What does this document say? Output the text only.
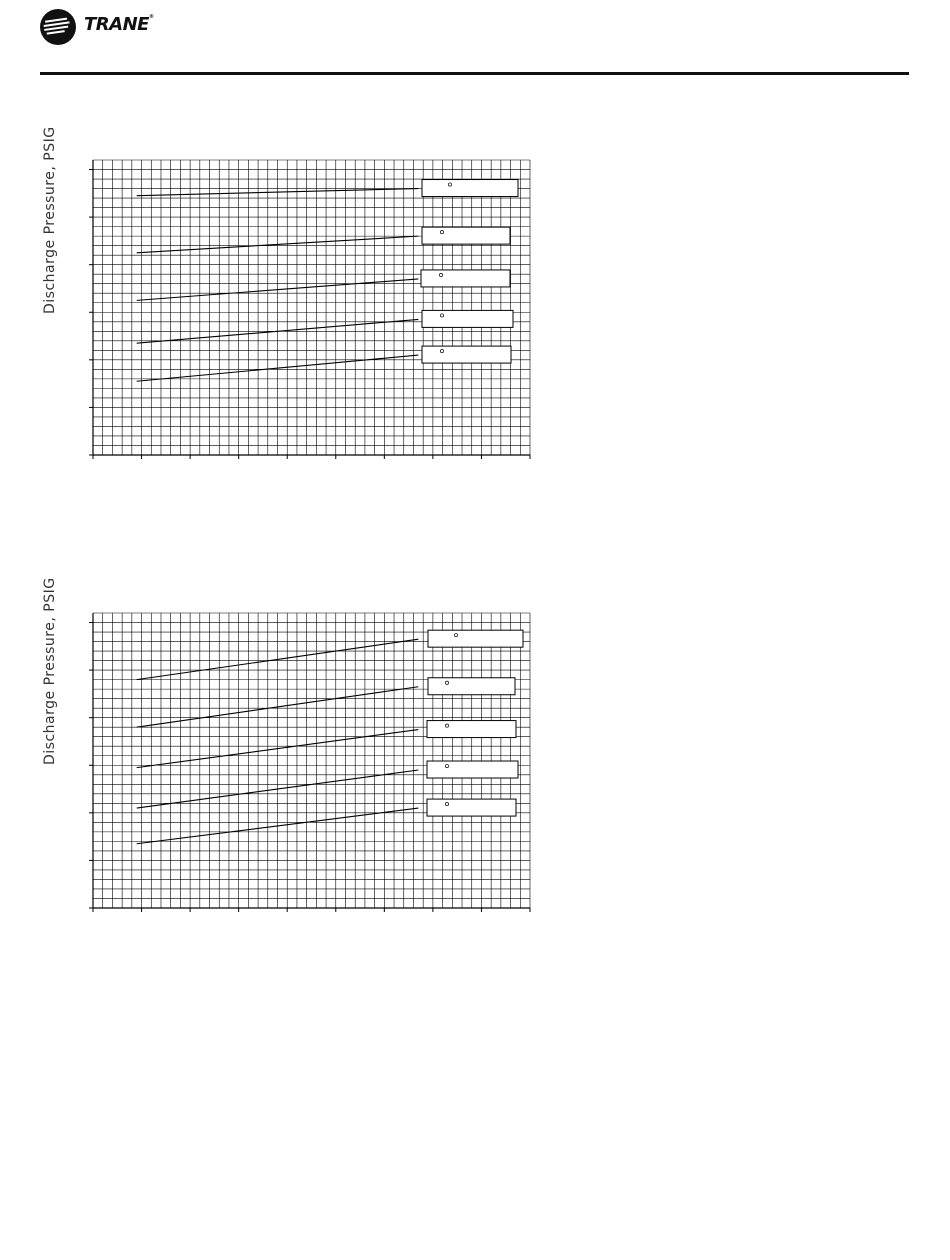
TRANE®
Discharge Pressure, PSIG
Discharge Pressure, PSIG
